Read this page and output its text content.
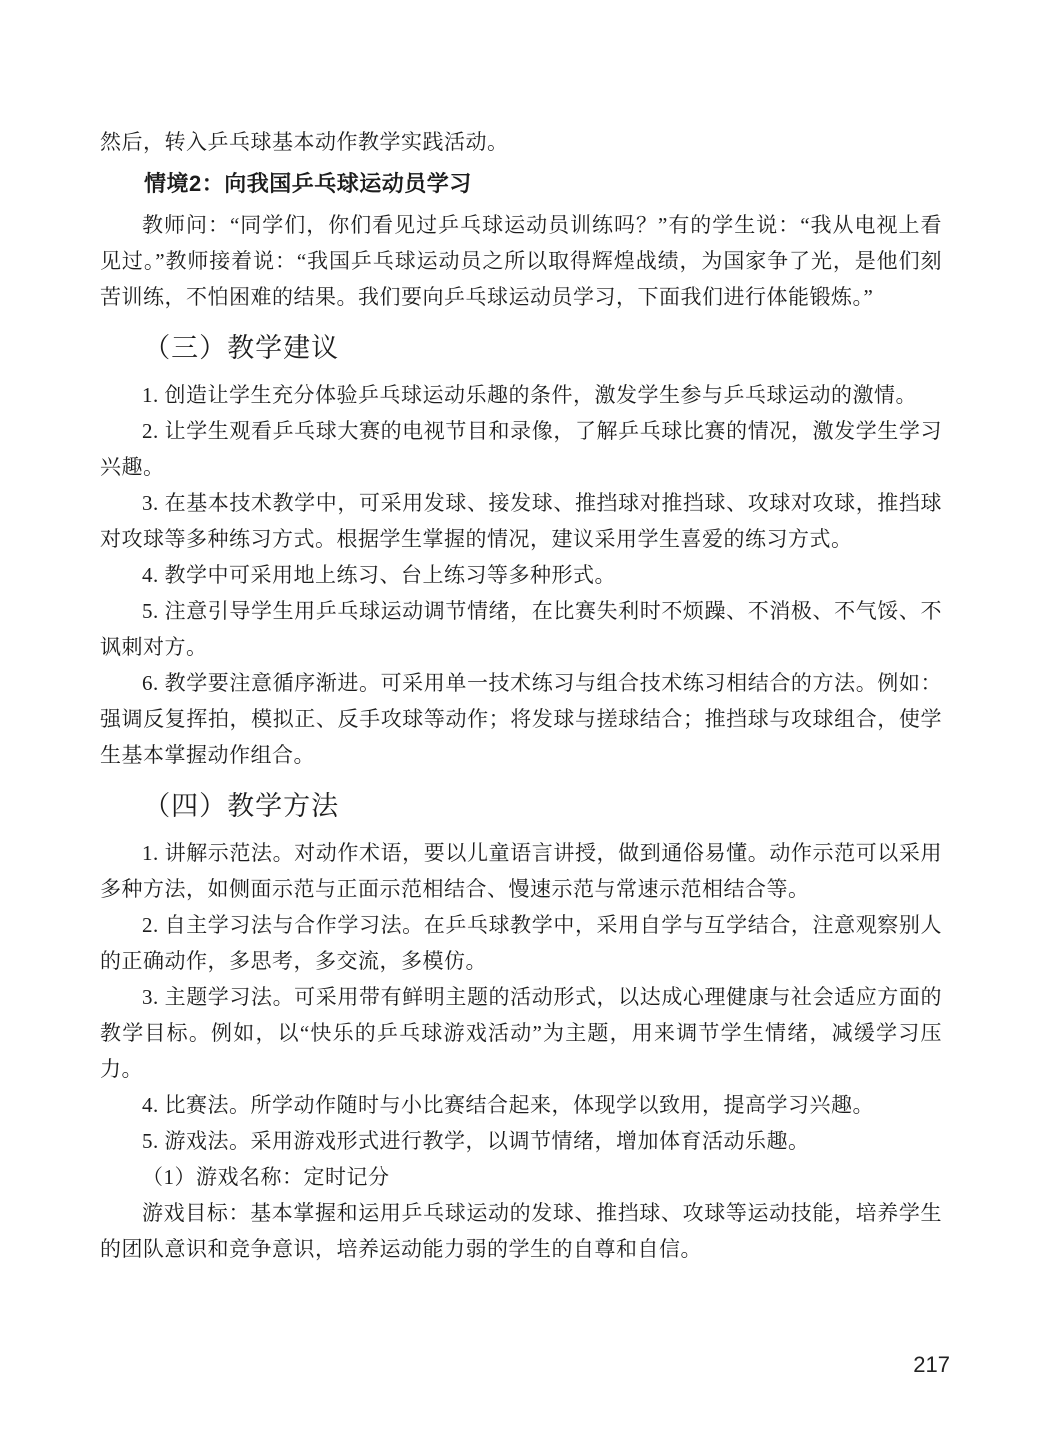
然后，转入乒乓球基本动作教学实践活动。

情境2：向我国乒乓球运动员学习

教师问：“同学们，你们看见过乒乓球运动员训练吗？”有的学生说：“我从电视上看见过。”教师接着说：“我国乒乓球运动员之所以取得辉煌战绩，为国家争了光，是他们刻苦训练，不怕困难的结果。我们要向乒乓球运动员学习，下面我们进行体能锻炼。”

（三）教学建议

1. 创造让学生充分体验乒乓球运动乐趣的条件，激发学生参与乒乓球运动的激情。

2. 让学生观看乒乓球大赛的电视节目和录像，了解乒乓球比赛的情况，激发学生学习兴趣。

3. 在基本技术教学中，可采用发球、接发球、推挡球对推挡球、攻球对攻球，推挡球对攻球等多种练习方式。根据学生掌握的情况，建议采用学生喜爱的练习方式。

4. 教学中可采用地上练习、台上练习等多种形式。

5. 注意引导学生用乒乓球运动调节情绪，在比赛失利时不烦躁、不消极、不气馁、不讽刺对方。

6. 教学要注意循序渐进。可采用单一技术练习与组合技术练习相结合的方法。例如：强调反复挥拍，模拟正、反手攻球等动作；将发球与搓球结合；推挡球与攻球组合，使学生基本掌握动作组合。

（四）教学方法

1. 讲解示范法。对动作术语，要以儿童语言讲授，做到通俗易懂。动作示范可以采用多种方法，如侧面示范与正面示范相结合、慢速示范与常速示范相结合等。

2. 自主学习法与合作学习法。在乒乓球教学中，采用自学与互学结合，注意观察别人的正确动作，多思考，多交流，多模仿。

3. 主题学习法。可采用带有鲜明主题的活动形式，以达成心理健康与社会适应方面的教学目标。例如，以“快乐的乒乓球游戏活动”为主题，用来调节学生情绪，减缓学习压力。

4. 比赛法。所学动作随时与小比赛结合起来，体现学以致用，提高学习兴趣。

5. 游戏法。采用游戏形式进行教学，以调节情绪，增加体育活动乐趣。

（1）游戏名称：定时记分

游戏目标：基本掌握和运用乒乓球运动的发球、推挡球、攻球等运动技能，培养学生的团队意识和竞争意识，培养运动能力弱的学生的自尊和自信。

217
